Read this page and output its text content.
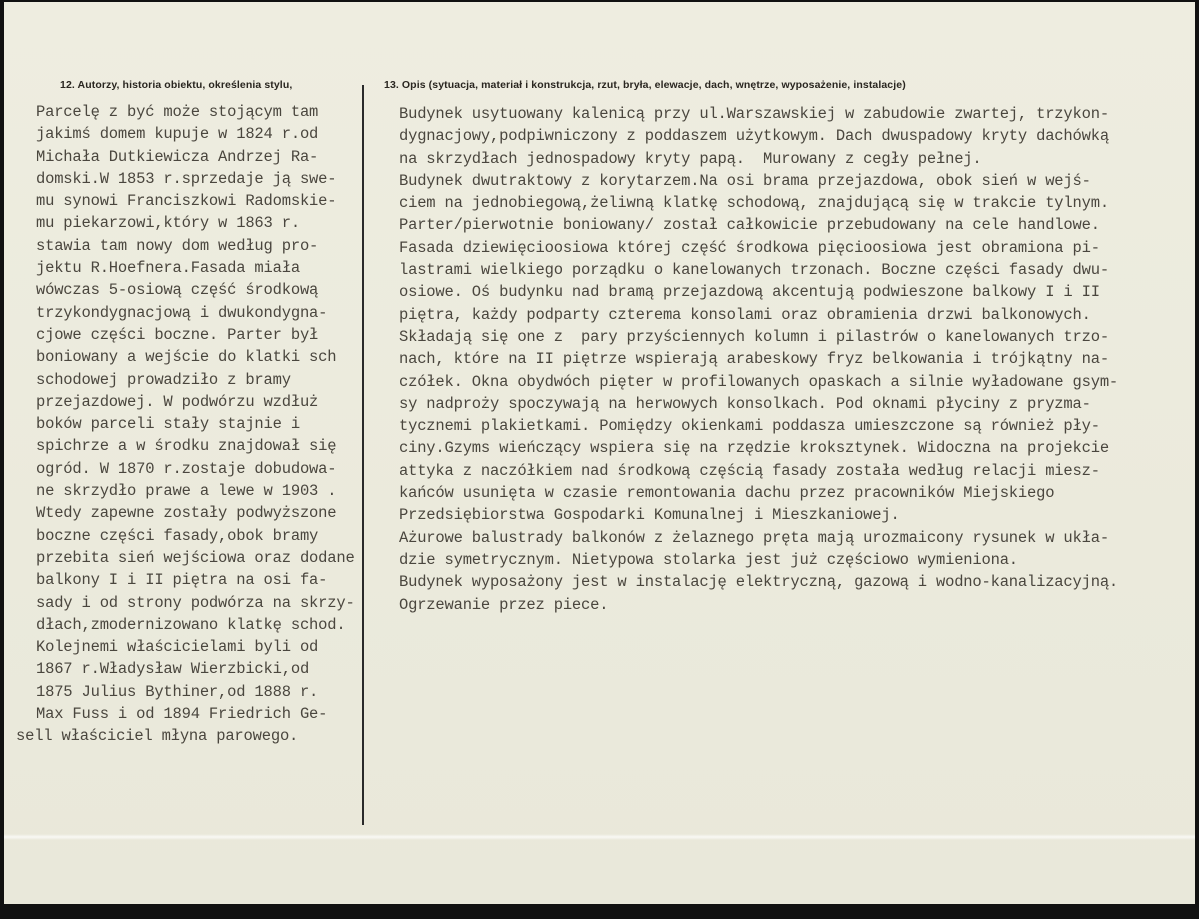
12. Autorzy, historia obiektu, określenia stylu,	13. Opis (sytuacja, materiał i konstrukcja, rzut, bryła, elewacje, dach, wnętrze, wyposażenie, instalacje)
Parcelę z być może stojącym tam
jakimś domem kupuje w 1824 r.od
Michała Dutkiewicza Andrzej Ra-
domski.W 1853 r.sprzedaje ją swe-
mu synowi Franciszkowi Radomskie-
mu piekarzowi,który w 1863 r.
stawia tam nowy dom według pro-
jektu R.Hoefnera.Fasada miała
wówczas 5-osiową część środkową
trzykondygnacjową i dwukondygna-
cjowe części boczne. Parter był
boniowany a wejście do klatki sch
schodowej prowadziło z bramy
przejazdowej. W podwórzu wzdłuż
boków parceli stały stajnie i
spichrze a w środku znajdował się
ogród. W 1870 r.zostaje dobudowa-
ne skrzydło prawe a lewe w 1903 .
Wtedy zapewne zostały podwyższone
boczne części fasady,obok bramy
przebita sień wejściowa oraz dodane
balkony I i II piętra na osi fa-
sady i od strony podwórza na skrzy-
dłach,zmodernizowano klatkę schod.
Kolejnemi właścicielami byli od
1867 r.Władysław Wierzbicki,od
1875 Julius Bythiner,od 1888 r.
Max Fuss i od 1894 Friedrich Ge-
sell właściciel młyna parowego.
Budynek usytuowany kalenicą przy ul.Warszawskiej w zabudowie zwartej, trzykon-
dygnacjowy,podpiwniczony z poddaszem użytkowym. Dach dwuspadowy kryty dachówką
na skrzydłach jednospadowy kryty papą.  Murowany z cegły pełnej.
Budynek dwutraktowy z korytarzem.Na osi brama przejazdowa, obok sień w wejś-
ciem na jednobiegową,żeliwną klatkę schodową, znajdującą się w trakcie tylnym.
Parter/pierwotnie boniowany/ został całkowicie przebudowany na cele handlowe.
Fasada dziewięcioosiowa której część środkowa pięcioosiowa jest obramiona pi-
lastrami wielkiego porządku o kanelowanych trzonach. Boczne części fasady dwu-
osiowe. Oś budynku nad bramą przejazdową akcentują podwieszone balkowy I i II
piętra, każdy podparty czterema konsolami oraz obramienia drzwi balkonowych.
Składają się one z  pary przyściennych kolumn i pilastrów o kanelowanych trzo-
nach, które na II piętrze wspierają arabeskowy fryz belkowania i trójkątny na-
czółek. Okna obydwóch pięter w profilowanych opaskach a silnie wyładowane gsym-
sy nadproży spoczywają na herwowych konsolkach. Pod oknami płyciny z pryzma-
tycznemi plakietkami. Pomiędzy okienkami poddasza umieszczone są również pły-
ciny.Gzyms wieńczący wspiera się na rzędzie kroksztynek. Widoczna na projekcie
attyka z naczółkiem nad środkową częścią fasady została według relacji miesz-
kańców usunięta w czasie remontowania dachu przez pracowników Miejskiego
Przedsiębiorstwa Gospodarki Komunalnej i Mieszkaniowej.
Ażurowe balustrady balkonów z żelaznego pręta mają urozmaicony rysunek w ukła-
dzie symetrycznym. Nietypowa stolarka jest już częściowo wymieniona.
Budynek wyposażony jest w instalację elektryczną, gazową i wodno-kanalizacyjną.
Ogrzewanie przez piece.
